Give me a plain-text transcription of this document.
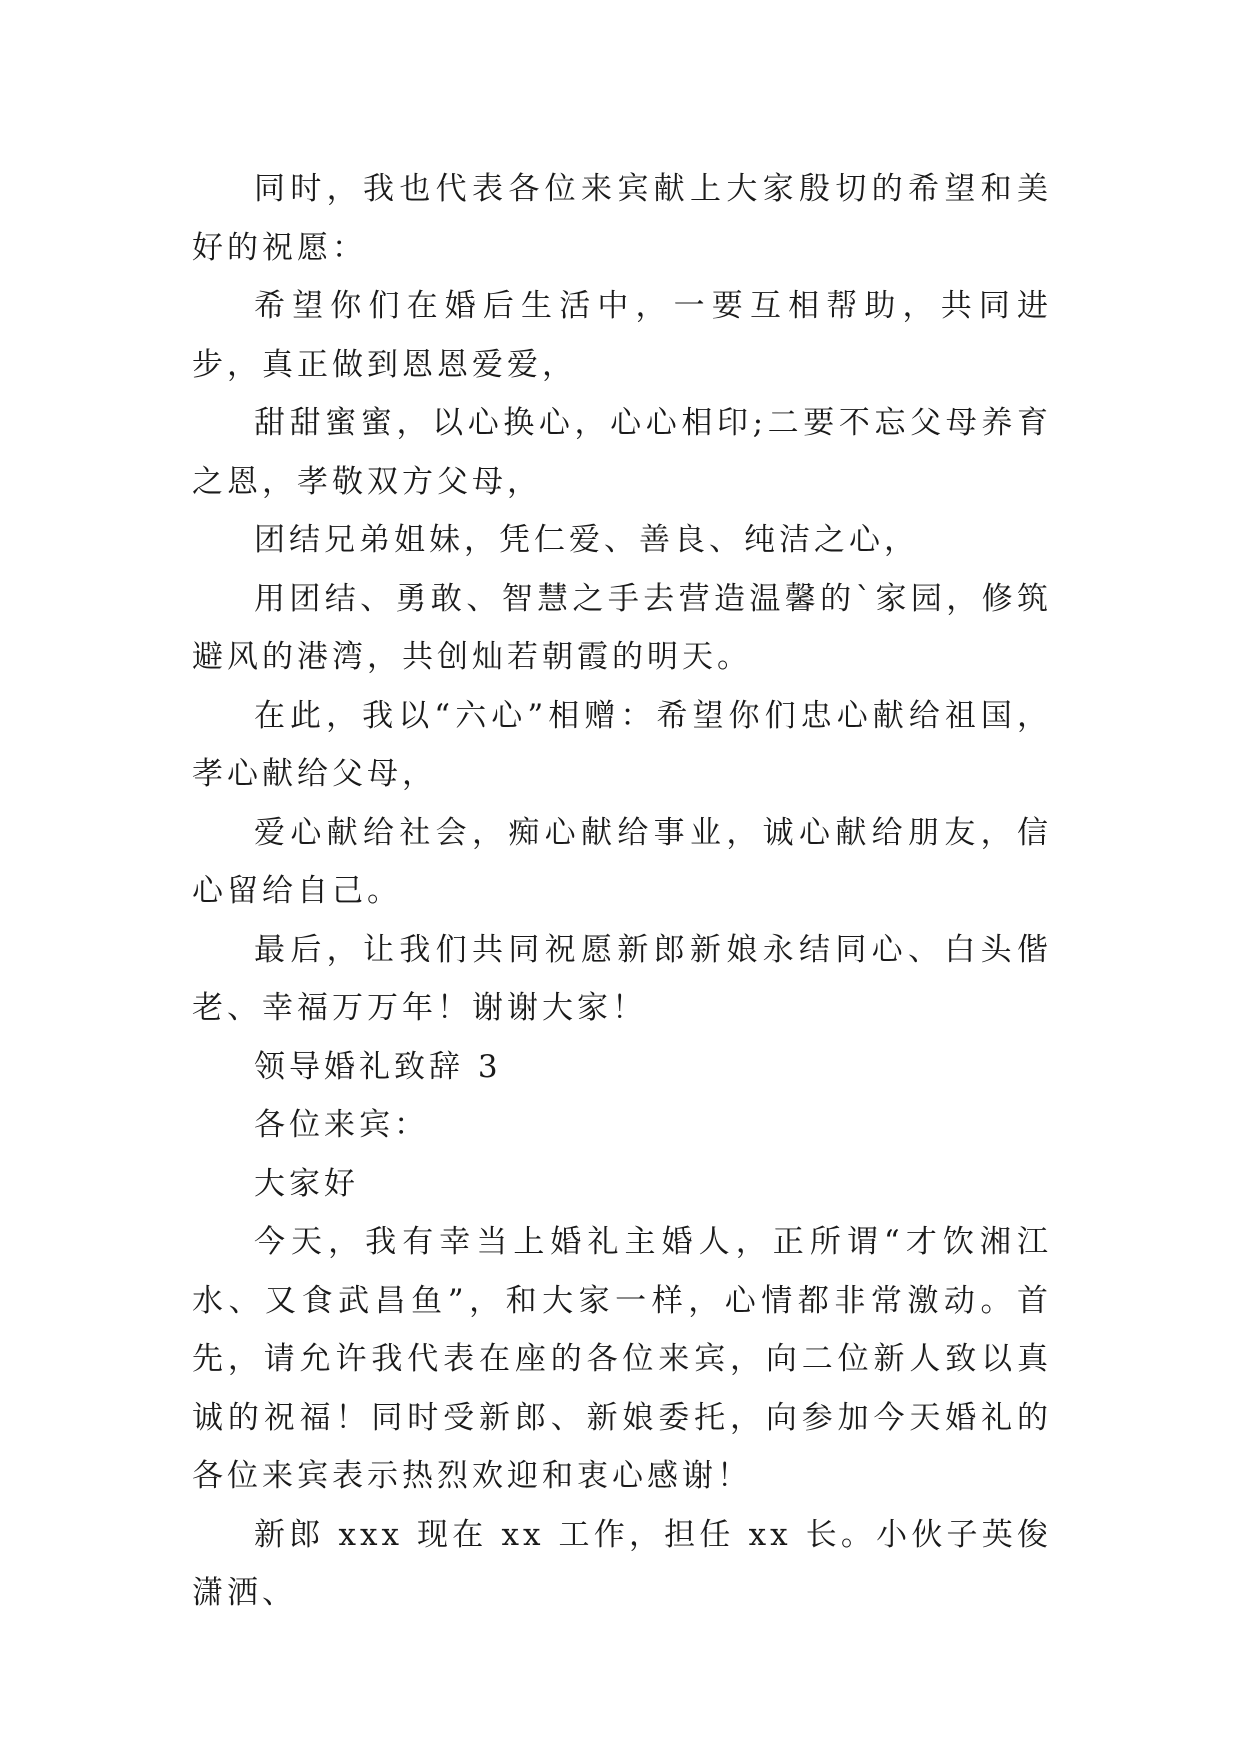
同时，我也代表各位来宾献上大家殷切的希望和美好的祝愿：

希望你们在婚后生活中，一要互相帮助，共同进步，真正做到恩恩爱爱，

甜甜蜜蜜，以心换心，心心相印;二要不忘父母养育之恩，孝敬双方父母，

团结兄弟姐妹，凭仁爱、善良、纯洁之心，

用团结、勇敢、智慧之手去营造温馨的`家园，修筑避风的港湾，共创灿若朝霞的明天。

在此，我以“六心”相赠：希望你们忠心献给祖国，孝心献给父母，

爱心献给社会，痴心献给事业，诚心献给朋友，信心留给自己。

最后，让我们共同祝愿新郎新娘永结同心、白头偕老、幸福万万年！谢谢大家！

领导婚礼致辞 3

各位来宾：

大家好

今天，我有幸当上婚礼主婚人，正所谓“才饮湘江水、又食武昌鱼”，和大家一样，心情都非常激动。首先，请允许我代表在座的各位来宾，向二位新人致以真诚的祝福！同时受新郎、新娘委托，向参加今天婚礼的各位来宾表示热烈欢迎和衷心感谢！

新郎 xxx 现在 xx 工作，担任 xx 长。小伙子英俊潇洒、
